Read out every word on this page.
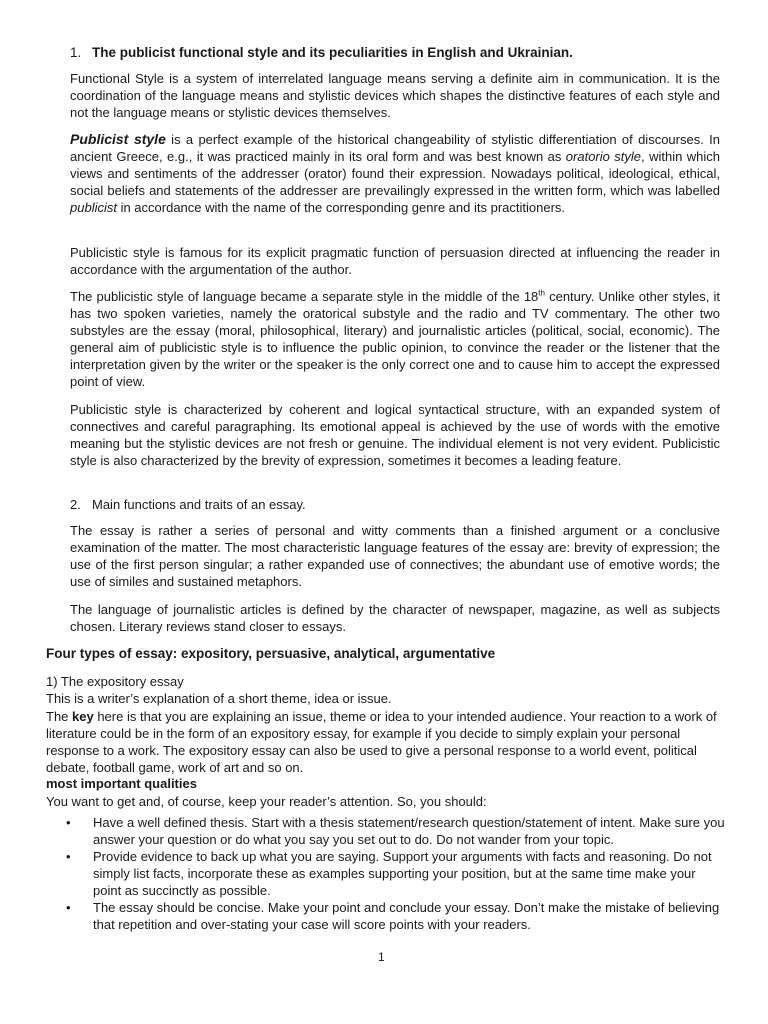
1. The publicist functional style and its peculiarities in English and Ukrainian.

Functional Style is a system of interrelated language means serving a definite aim in communication. It is the coordination of the language means and stylistic devices which shapes the distinctive features of each style and not the language means or stylistic devices themselves.

Publicist style is a perfect example of the historical changeability of stylistic differentiation of discourses. In ancient Greece, e.g., it was practiced mainly in its oral form and was best known as oratorio style, within which views and sentiments of the addresser (orator) found their expression. Nowadays political, ideological, ethical, social beliefs and statements of the addresser are prevailingly expressed in the written form, which was labelled publicist in accordance with the name of the corresponding genre and its practitioners.

Publicistic style is famous for its explicit pragmatic function of persuasion directed at influencing the reader in accordance with the argumentation of the author.

The publicistic style of language became a separate style in the middle of the 18th century. Unlike other styles, it has two spoken varieties, namely the oratorical substyle and the radio and TV commentary. The other two substyles are the essay (moral, philosophical, literary) and journalistic articles (political, social, economic). The general aim of publicistic style is to influence the public opinion, to convince the reader or the listener that the interpretation given by the writer or the speaker is the only correct one and to cause him to accept the expressed point of view.

Publicistic style is characterized by coherent and logical syntactical structure, with an expanded system of connectives and careful paragraphing. Its emotional appeal is achieved by the use of words with the emotive meaning but the stylistic devices are not fresh or genuine. The individual element is not very evident. Publicistic style is also characterized by the brevity of expression, sometimes it becomes a leading feature.

2. Main functions and traits of an essay.

The essay is rather a series of personal and witty comments than a finished argument or a conclusive examination of the matter. The most characteristic language features of the essay are: brevity of expression; the use of the first person singular; a rather expanded use of connectives; the abundant use of emotive words; the use of similes and sustained metaphors.

The language of journalistic articles is defined by the character of newspaper, magazine, as well as subjects chosen. Literary reviews stand closer to essays.

Four types of essay: expository, persuasive, analytical, argumentative
1) The expository essay
This is a writer’s explanation of a short theme, idea or issue.

The key here is that you are explaining an issue, theme or idea to your intended audience. Your reaction to a work of literature could be in the form of an expository essay, for example if you decide to simply explain your personal response to a work. The expository essay can also be used to give a personal response to a world event, political debate, football game, work of art and so on.

most important qualities
You want to get and, of course, keep your reader’s attention. So, you should:
• Have a well defined thesis. Start with a thesis statement/research question/statement of intent. Make sure you answer your question or do what you say you set out to do. Do not wander from your topic.
• Provide evidence to back up what you are saying. Support your arguments with facts and reasoning. Do not simply list facts, incorporate these as examples supporting your position, but at the same time make your point as succinctly as possible.
• The essay should be concise. Make your point and conclude your essay. Don’t make the mistake of believing that repetition and over-stating your case will score points with your readers.
1
